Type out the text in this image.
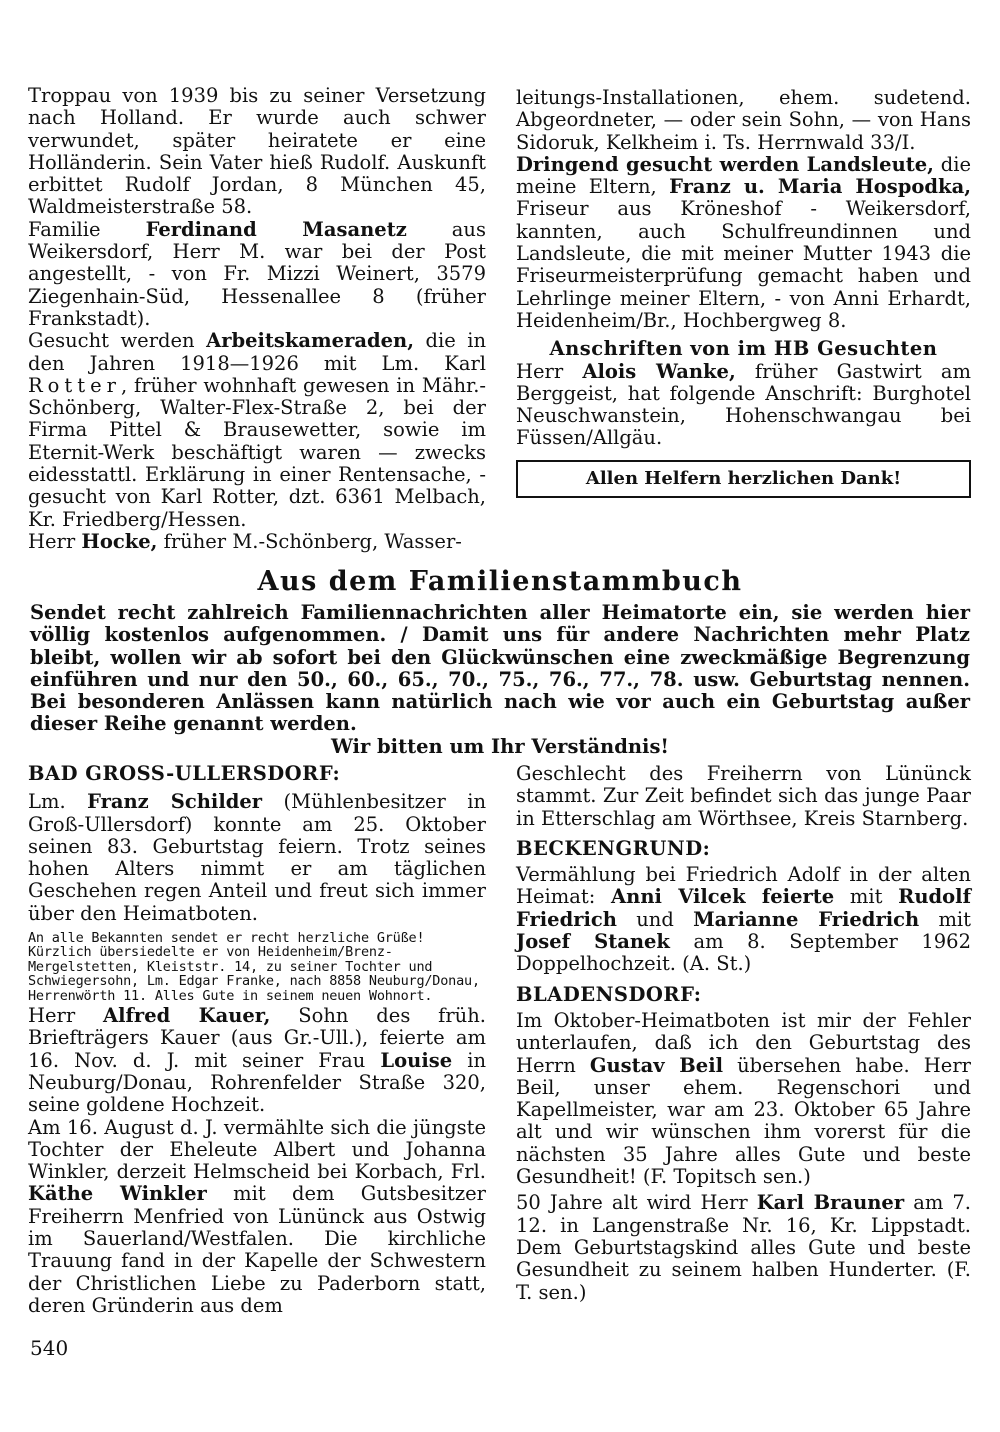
Troppau von 1939 bis zu seiner Versetzung nach Holland. Er wurde auch schwer verwundet, später heiratete er eine Holländerin. Sein Vater hieß Rudolf. Auskunft erbittet Rudolf Jordan, 8 München 45, Waldmeisterstraße 58.

Familie Ferdinand Masanetz aus Weikersdorf, Herr M. war bei der Post angestellt, - von Fr. Mizzi Weinert, 3579 Ziegenhain-Süd, Hessenallee 8 (früher Frankstadt).

Gesucht werden Arbeitskameraden, die in den Jahren 1918—1926 mit Lm. Karl Rotter, früher wohnhaft gewesen in Mähr.-Schönberg, Walter-Flex-Straße 2, bei der Firma Pittel & Brausewetter, sowie im Eternit-Werk beschäftigt waren — zwecks eidesstattl. Erklärung in einer Rentensache, - gesucht von Karl Rotter, dzt. 6361 Melbach, Kr. Friedberg/Hessen.

Herr Hocke, früher M.-Schönberg, Wasser-

leitungs-Installationen, ehem. sudetend. Abgeordneter, — oder sein Sohn, — von Hans Sidoruk, Kelkheim i. Ts. Herrnwald 33/I.

Dringend gesucht werden Landsleute, die meine Eltern, Franz u. Maria Hospodka, Friseur aus Kröneshof - Weikersdorf, kannten, auch Schulfreundinnen und Landsleute, die mit meiner Mutter 1943 die Friseurmeisterprüfung gemacht haben und Lehrlinge meiner Eltern, - von Anni Erhardt, Heidenheim/Br., Hochbergweg 8.

Anschriften von im HB Gesuchten

Herr Alois Wanke, früher Gastwirt am Berggeist, hat folgende Anschrift: Burghotel Neuschwanstein, Hohenschwangau bei Füssen/Allgäu.

Allen Helfern herzlichen Dank!
Aus dem Familienstammbuch
Sendet recht zahlreich Familiennachrichten aller Heimatorte ein, sie werden hier völlig kostenlos aufgenommen. / Damit uns für andere Nachrichten mehr Platz bleibt, wollen wir ab sofort bei den Glückwünschen eine zweckmäßige Begrenzung einführen und nur den 50., 60., 65., 70., 75., 76., 77., 78. usw. Geburtstag nennen. Bei besonderen Anlässen kann natürlich nach wie vor auch ein Geburtstag außer dieser Reihe genannt werden.
Wir bitten um Ihr Verständnis!

BAD GROSS-ULLERSDORF:

Lm. Franz Schilder (Mühlenbesitzer in Groß-Ullersdorf) konnte am 25. Oktober seinen 83. Geburtstag feiern. Trotz seines hohen Alters nimmt er am täglichen Geschehen regen Anteil und freut sich immer über den Heimatboten.

An alle Bekannten sendet er recht herzliche Grüße! Kürzlich übersiedelte er von Heidenheim/Brenz-Mergelstetten, Kleiststr. 14, zu seiner Tochter und Schwiegersohn, Lm. Edgar Franke, nach 8858 Neuburg/Donau, Herrenwörth 11. Alles Gute in seinem neuen Wohnort.

Herr Alfred Kauer, Sohn des früh. Briefträgers Kauer (aus Gr.-Ull.), feierte am 16. Nov. d. J. mit seiner Frau Louise in Neuburg/Donau, Rohrenfelder Straße 320, seine goldene Hochzeit.

Am 16. August d. J. vermählte sich die jüngste Tochter der Eheleute Albert und Johanna Winkler, derzeit Helmscheid bei Korbach, Frl. Käthe Winkler mit dem Gutsbesitzer Freiherrn Menfried von Lününck aus Ostwig im Sauerland/Westfalen. Die kirchliche Trauung fand in der Kapelle der Schwestern der Christlichen Liebe zu Paderborn statt, deren Gründerin aus dem

Geschlecht des Freiherrn von Lününck stammt. Zur Zeit befindet sich das junge Paar in Etterschlag am Wörthsee, Kreis Starnberg.

BECKENGRUND:

Vermählung bei Friedrich Adolf in der alten Heimat: Anni Vilcek feierte mit Rudolf Friedrich und Marianne Friedrich mit Josef Stanek am 8. September 1962 Doppelhochzeit. (A. St.)

BLADENSDORF:

Im Oktober-Heimatboten ist mir der Fehler unterlaufen, daß ich den Geburtstag des Herrn Gustav Beil übersehen habe. Herr Beil, unser ehem. Regenschori und Kapellmeister, war am 23. Oktober 65 Jahre alt und wir wünschen ihm vorerst für die nächsten 35 Jahre alles Gute und beste Gesundheit! (F. Topitsch sen.)

50 Jahre alt wird Herr Karl Brauner am 7. 12. in Langenstraße Nr. 16, Kr. Lippstadt. Dem Geburtstagskind alles Gute und beste Gesundheit zu seinem halben Hunderter. (F. T. sen.)

540
